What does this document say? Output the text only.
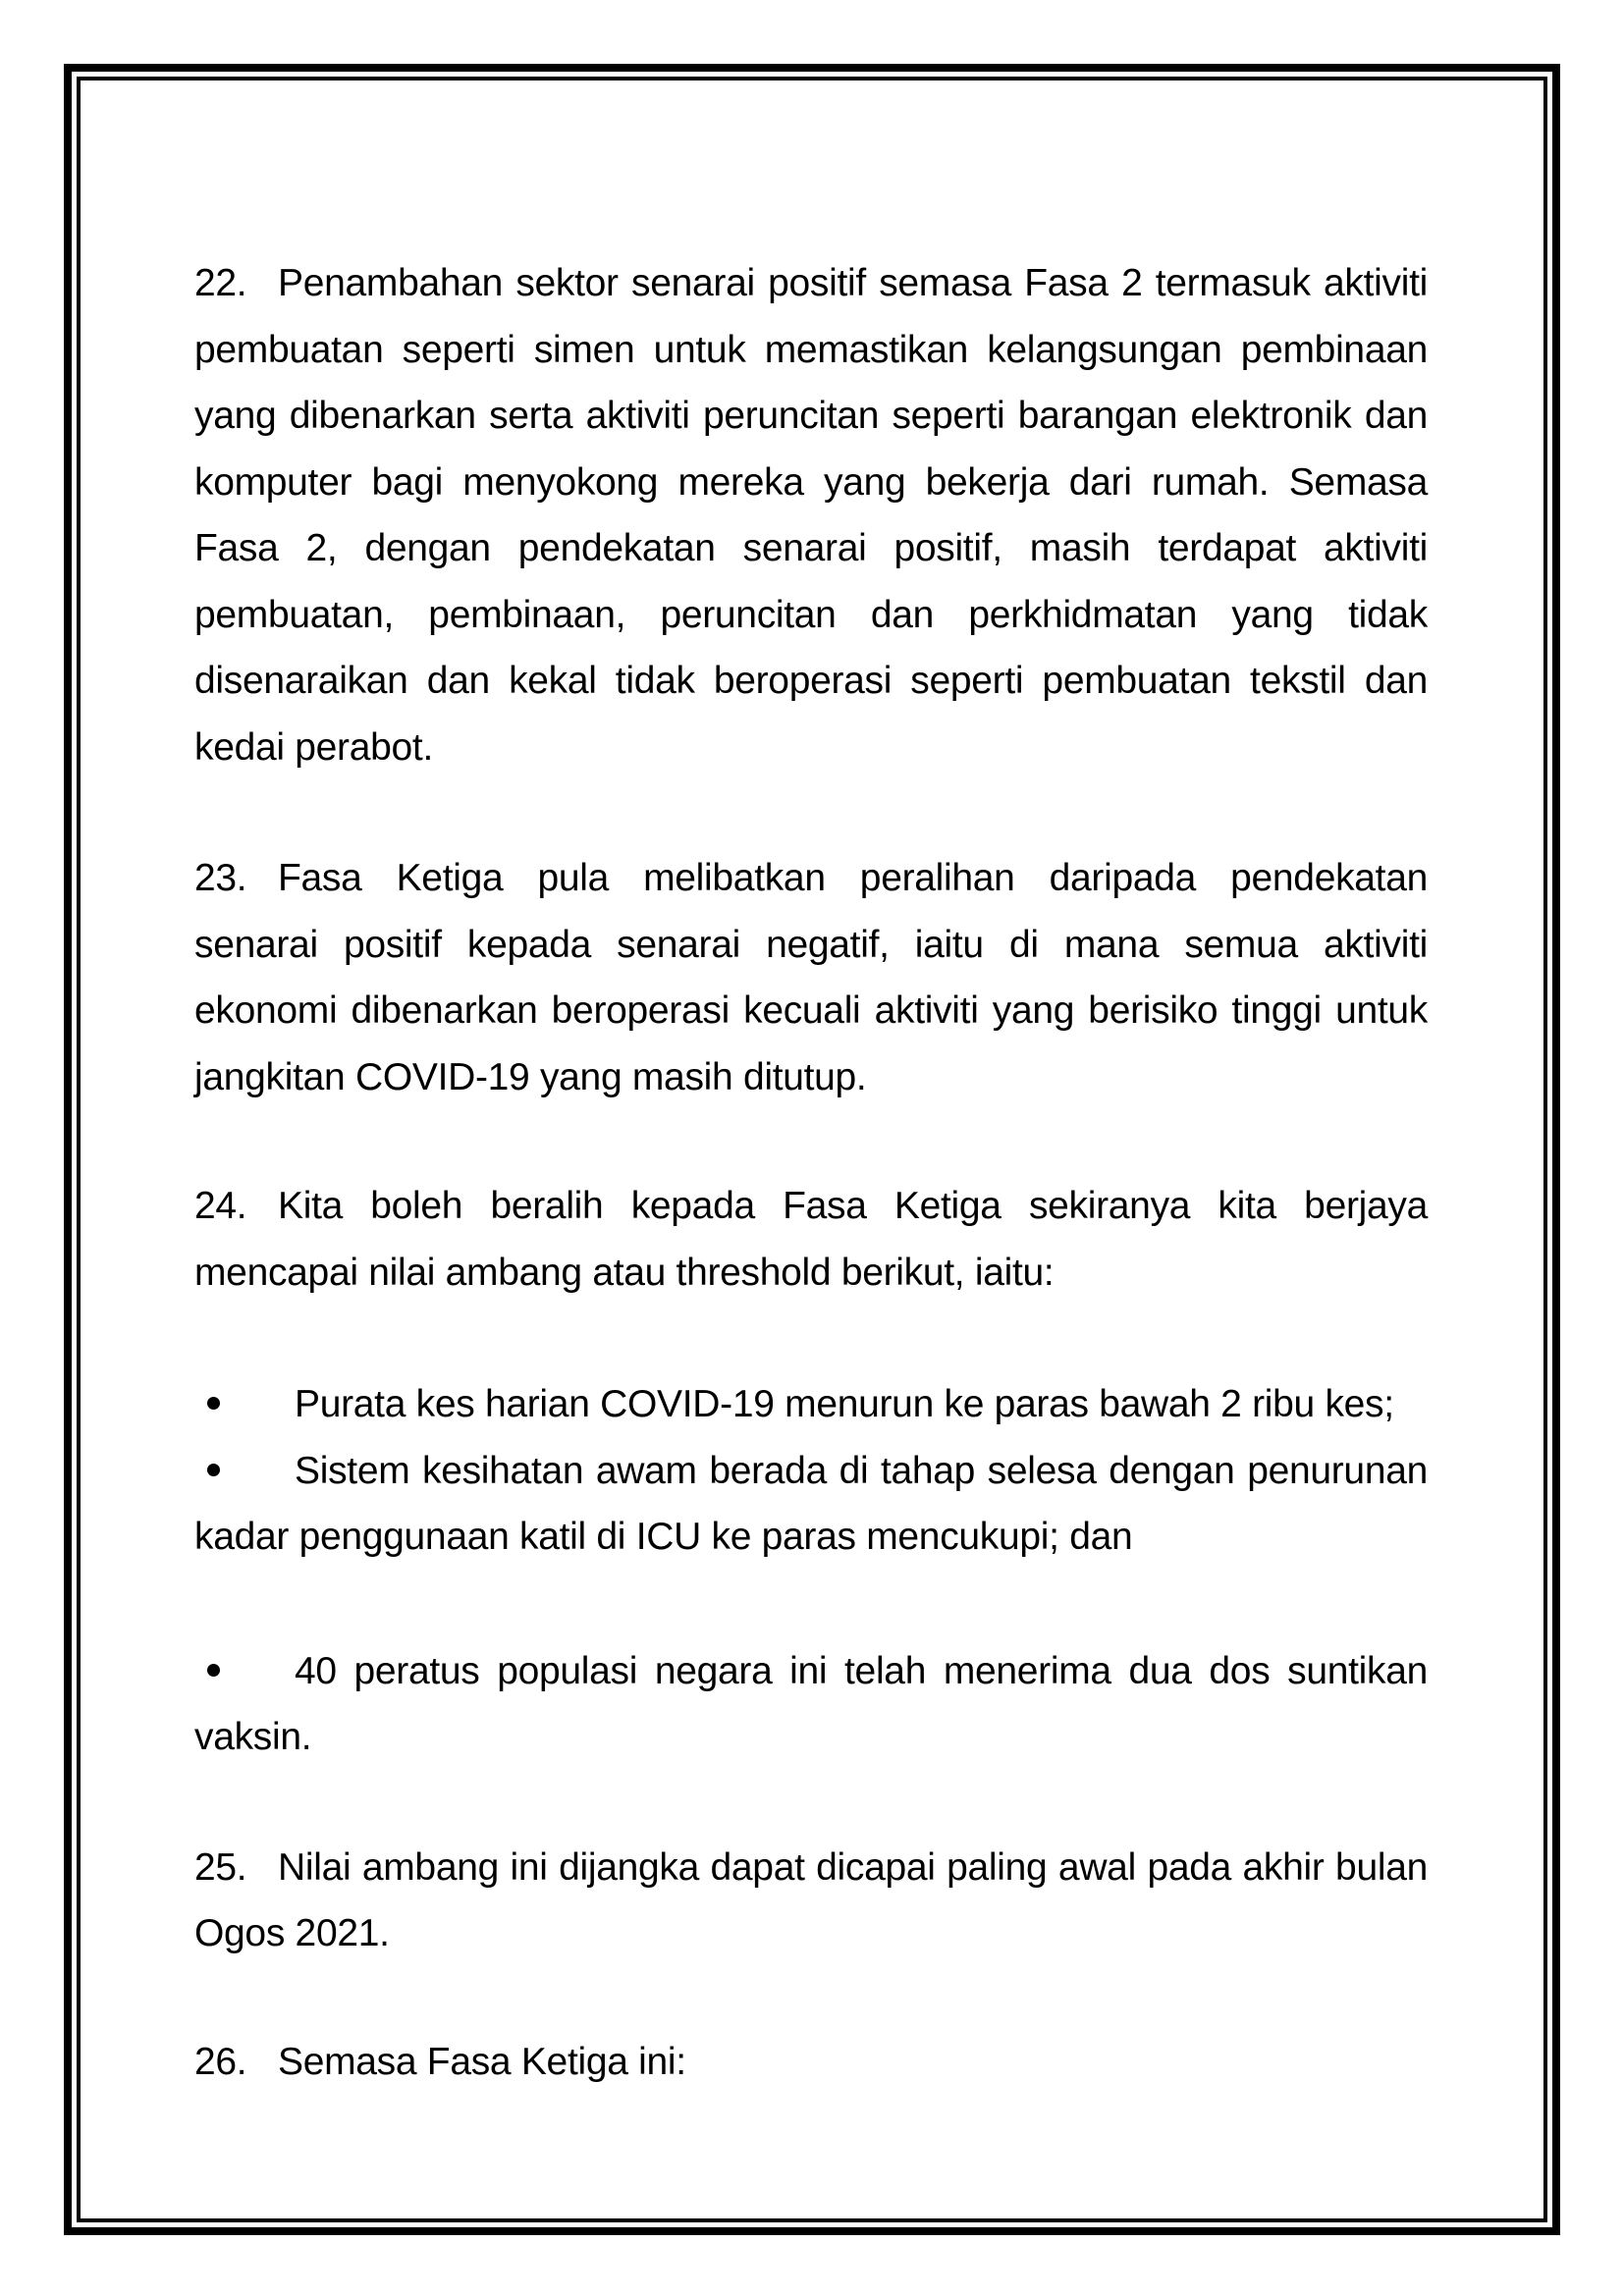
22. Penambahan sektor senarai positif semasa Fasa 2 termasuk aktiviti
pembuatan seperti simen untuk memastikan kelangsungan pembinaan
yang dibenarkan serta aktiviti peruncitan seperti barangan elektronik dan
komputer bagi menyokong mereka yang bekerja dari rumah. Semasa
Fasa 2, dengan pendekatan senarai positif, masih terdapat aktiviti
pembuatan, pembinaan, peruncitan dan perkhidmatan yang tidak
disenaraikan dan kekal tidak beroperasi seperti pembuatan tekstil dan
kedai perabot.
23. Fasa Ketiga pula melibatkan peralihan daripada pendekatan
senarai positif kepada senarai negatif, iaitu di mana semua aktiviti
ekonomi dibenarkan beroperasi kecuali aktiviti yang berisiko tinggi untuk
jangkitan COVID-19 yang masih ditutup.
24. Kita boleh beralih kepada Fasa Ketiga sekiranya kita berjaya
mencapai nilai ambang atau threshold berikut, iaitu:
Purata kes harian COVID-19 menurun ke paras bawah 2 ribu kes;
Sistem kesihatan awam berada di tahap selesa dengan penurunan
kadar penggunaan katil di ICU ke paras mencukupi; dan
40 peratus populasi negara ini telah menerima dua dos suntikan
vaksin.
25. Nilai ambang ini dijangka dapat dicapai paling awal pada akhir bulan
Ogos 2021.
26. Semasa Fasa Ketiga ini:
